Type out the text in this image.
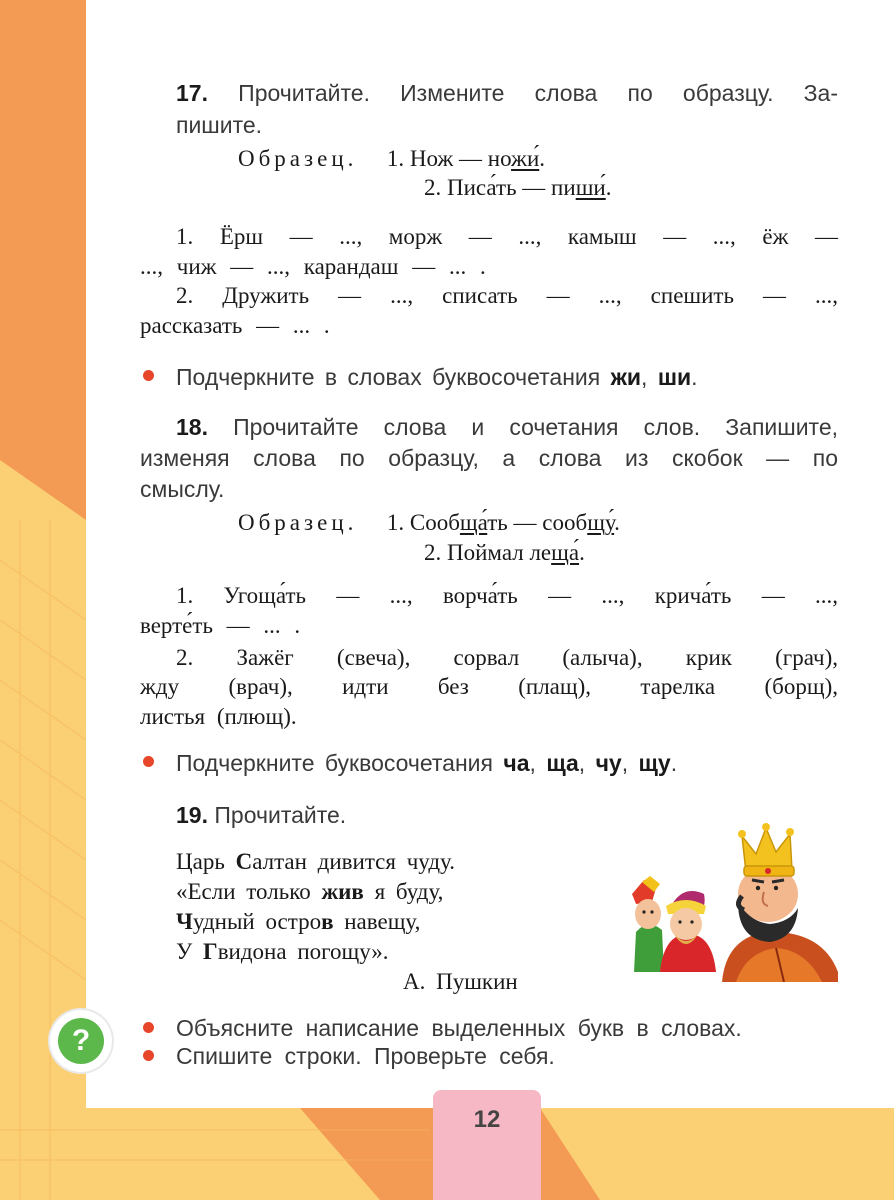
17. Прочитайте. Измените слова по образцу. За-
пишите.
Образец. 1. Нож — ножи́.
2. Писа́ть — пиши́.
1. Ёрш — ..., морж — ..., камыш — ..., ёж —
..., чиж — ..., карандаш — ... .
2. Дружить — ..., списать — ..., спешить — ...,
рассказать — ... .
Подчеркните в словах буквосочетания жи, ши.
18. Прочитайте слова и сочетания слов. Запишите,
изменяя слова по образцу, а слова из скобок — по
смыслу.
Образец. 1. Сообща́ть — сообщу́.
2. Поймал леща́.
1. Угоща́ть — ..., ворча́ть — ..., крича́ть — ...,
верте́ть — ... .
2. Зажёг (свеча), сорвал (алыча), крик (грач),
жду (врач), идти без (плащ), тарелка (борщ),
листья (плющ).
Подчеркните буквосочетания ча, ща, чу, щу.
19. Прочитайте.
Царь Салтан дивится чуду.
«Если только жив я буду,
Чудный остров навещу,
У Гвидона погощу».
А. Пушкин
?	Объясните написание выделенных букв в словах.
Спишите строки. Проверьте себя.
12
